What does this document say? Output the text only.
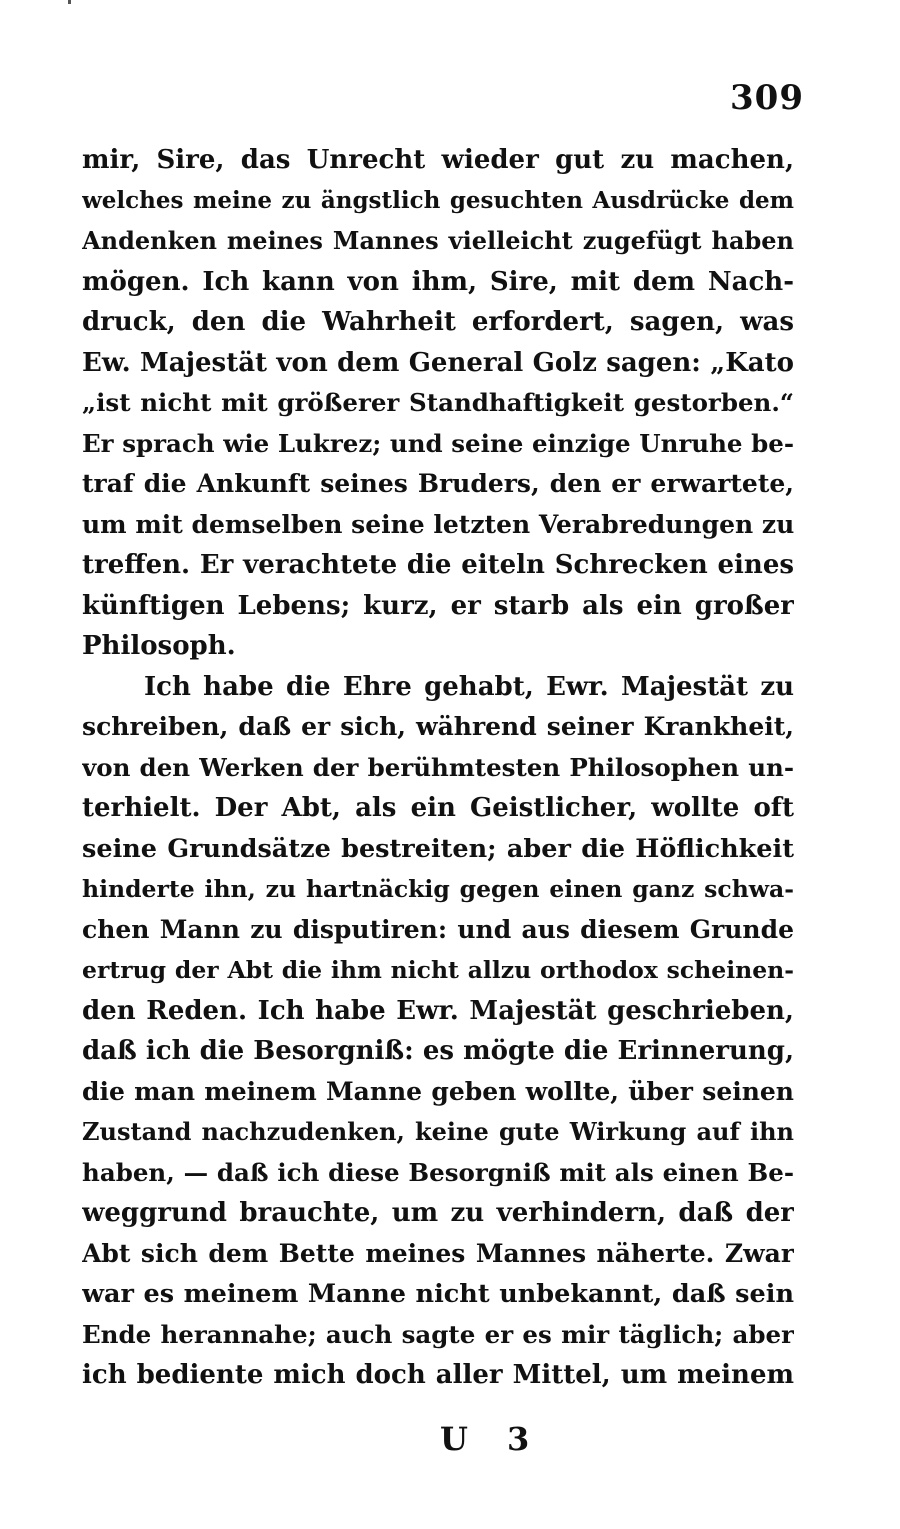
309
mir, Sire, das Unrecht wieder gut zu machen,
welches meine zu ängstlich gesuchten Ausdrücke dem
Andenken meines Mannes vielleicht zugefügt haben
mögen. Ich kann von ihm, Sire, mit dem Nach-
druck, den die Wahrheit erfordert, sagen, was
Ew. Majestät von dem General Golz sagen: „Kato
„ist nicht mit größerer Standhaftigkeit gestorben.“
Er sprach wie Lukrez; und seine einzige Unruhe be-
traf die Ankunft seines Bruders, den er erwartete,
um mit demselben seine letzten Verabredungen zu
treffen. Er verachtete die eiteln Schrecken eines
künftigen Lebens; kurz, er starb als ein großer
Philosoph.
Ich habe die Ehre gehabt, Ewr. Majestät zu
schreiben, daß er sich, während seiner Krankheit,
von den Werken der berühmtesten Philosophen un-
terhielt. Der Abt, als ein Geistlicher, wollte oft
seine Grundsätze bestreiten; aber die Höflichkeit
hinderte ihn, zu hartnäckig gegen einen ganz schwa-
chen Mann zu disputiren: und aus diesem Grunde
ertrug der Abt die ihm nicht allzu orthodox scheinen-
den Reden. Ich habe Ewr. Majestät geschrieben,
daß ich die Besorgniß: es mögte die Erinnerung,
die man meinem Manne geben wollte, über seinen
Zustand nachzudenken, keine gute Wirkung auf ihn
haben, — daß ich diese Besorgniß mit als einen Be-
weggrund brauchte, um zu verhindern, daß der
Abt sich dem Bette meines Mannes näherte. Zwar
war es meinem Manne nicht unbekannt, daß sein
Ende herannahe; auch sagte er es mir täglich; aber
ich bediente mich doch aller Mittel, um meinem
U 3
